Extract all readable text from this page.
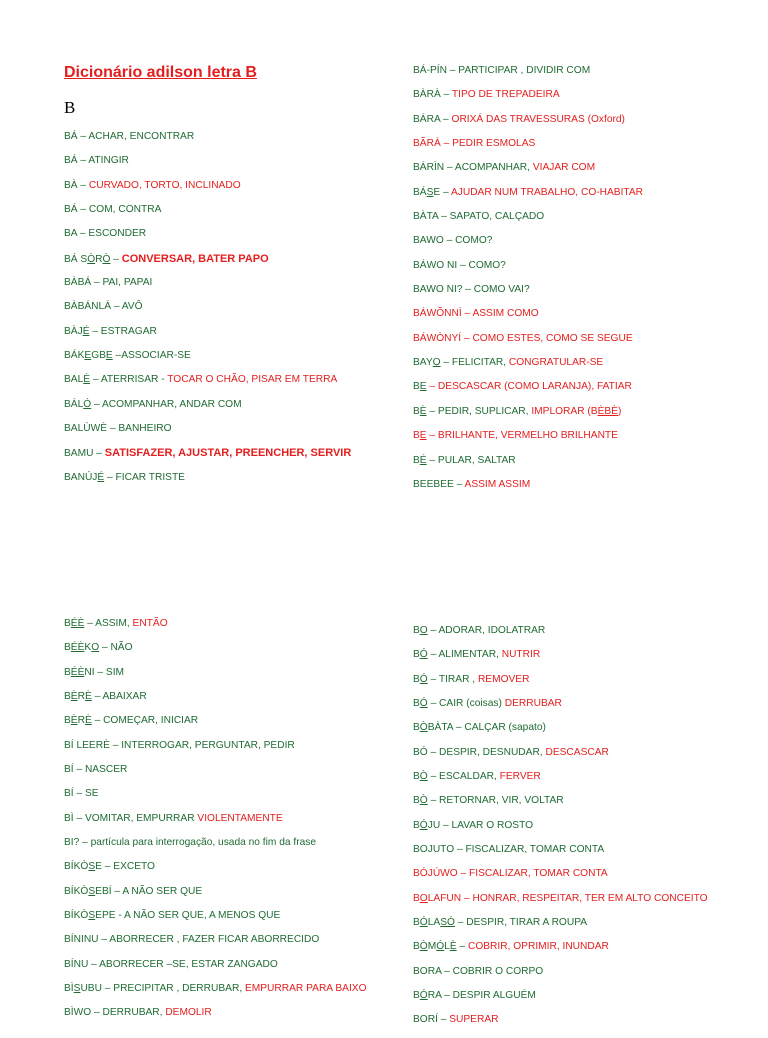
Dicionário adilson letra B
B
BÁ – ACHAR, ENCONTRAR
BÁ – ATINGIR
BÀ – CURVADO, TORTO, INCLINADO
BÁ – COM, CONTRA
BA – ESCONDER
BÁ SÒRÒ – CONVERSAR, BATER PAPO
BÀBÁ – PAI, PAPAI
BÀBÁNLÁ – AVÔ
BÀJÉ – ESTRAGAR
BÁKEGBE –ASSOCIAR-SE
BALÈ – ATERRISAR - TOCAR O CHÃO, PISAR EM TERRA
BÁLÓ – ACOMPANHAR, ANDAR COM
BALÙWÈ – BANHEIRO
BAMU – SATISFAZER, AJUSTAR, PREENCHER, SERVIR
BANÚJÉ – FICAR TRISTE
BÉÈ – ASSIM, ENTÃO
BÉÈKO – NÃO
BÉÈNI – SIM
BÈRÈ – ABAIXAR
BÈRÈ – COMEÇAR, INICIAR
BÍ LEERÈ – INTERROGAR, PERGUNTAR, PEDIR
BÍ – NASCER
BÍ – SE
BÌ – VOMITAR, EMPURRAR VIOLENTAMENTE
BI? – partícula para interrogação, usada no fim da frase
BÍKÒSE – EXCETO
BÍKÒSEBÍ – A NÃO SER QUE
BÍKÒSEPE - A NÃO SER QUE, A MENOS QUE
BÍNINU – ABORRECER , FAZER FICAR ABORRECIDO
BÍNU – ABORRECER –SE, ESTAR ZANGADO
BÌSUBU – PRECIPITAR , DERRUBAR, EMPURRAR PARA BAIXO
BÌWO – DERRUBAR, DEMOLIR
BÁ-PÍN – PARTICIPAR , DIVIDIR COM
BÀRÀ – TIPO DE TREPADEIRA
BÁRA – ORIXÁ DAS TRAVESSURAS (Oxford)
BÃRÀ – PEDIR ESMOLAS
BÁRÌN – ACOMPANHAR, VIAJAR COM
BÁSE – AJUDAR NUM TRABALHO, CO-HABITAR
BÀTA – SAPATO, CALÇADO
BAWO – COMO?
BÁWO NI – COMO?
BAWO NI? – COMO VAI?
BÁWÕNNÌ – ASSIM COMO
BÁWÒNYÍ – COMO ESTES, COMO SE SEGUE
BAYỌ – FELICITAR, CONGRATULAR-SE
BE – DESCASCAR (COMO LARANJA), FATIAR
BÈ – PEDIR, SUPLICAR, IMPLORAR (BÈBÈ)
BE – BRILHANTE, VERMELHO BRILHANTE
BÉ – PULAR, SALTAR
BEEBEE – ASSIM ASSIM
BO – ADORAR, IDOLATRAR
BÓ – ALIMENTAR, NUTRIR
BÓ – TIRAR , REMOVER
BÓ – CAIR (coisas) DERRUBAR
BÒBÀTA – CALÇAR (sapato)
BÓ – DESPIR, DESNUDAR, DESCASCAR
BÒ – ESCALDAR, FERVER
BÒ – RETORNAR, VIR, VOLTAR
BÓJU – LAVAR O ROSTO
BOJUTO – FISCALIZAR, TOMAR CONTA
BÓJÚWO – FISCALIZAR, TOMAR CONTA
BOLAFUN – HONRAR, RESPEITAR, TER EM ALTO CONCEITO
BÓLASÓ – DESPIR, TIRAR A ROUPA
BÒMÓLẸ̀ – COBRIR, OPRIMIR, INUNDAR
BORA – COBRIR O CORPO
BÓRA – DESPIR ALGUÉM
BORÍ – SUPERAR
